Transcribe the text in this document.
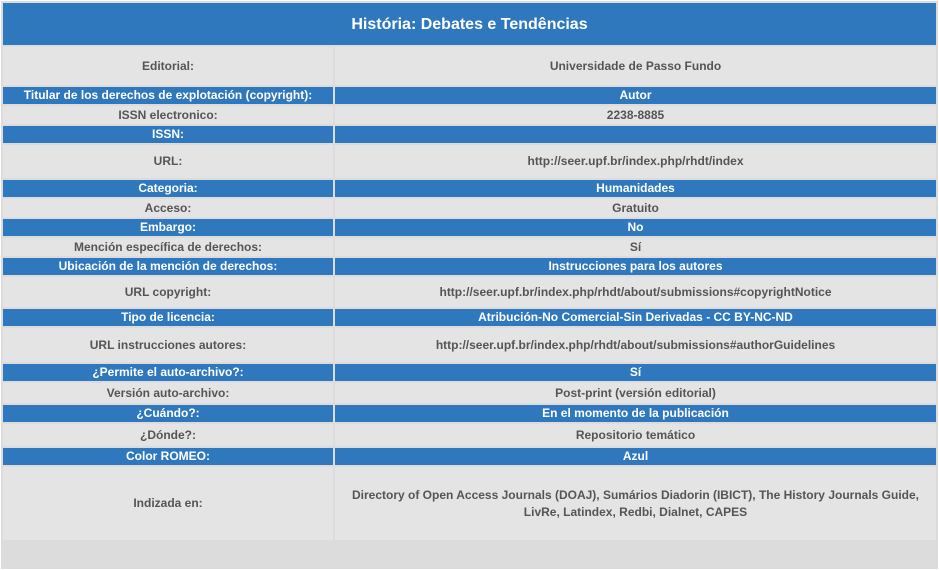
História: Debates e Tendências	
Editorial:	Universidade de Passo Fundo
Titular de los derechos de explotación (copyright):	Autor
ISSN electronico:	2238-8885
ISSN:	
URL:	http://seer.upf.br/index.php/rhdt/index
Categoria:	Humanidades
Acceso:	Gratuito
Embargo:	No
Mención específica de derechos:	Sí
Ubicación de la mención de derechos:	Instrucciones para los autores
URL copyright:	http://seer.upf.br/index.php/rhdt/about/submissions#copyrightNotice
Tipo de licencia:	Atribución-No Comercial-Sin Derivadas - CC BY-NC-ND
URL instrucciones autores:	http://seer.upf.br/index.php/rhdt/about/submissions#authorGuidelines
¿Permite el auto-archivo?:	Sí
Versión auto-archivo:	Post-print (versión editorial)
¿Cuándo?:	En el momento de la publicación
¿Dónde?:	Repositorio temático
Color ROMEO:	Azul
Indizada en:	Directory of Open Access Journals (DOAJ), Sumários Diadorin (IBICT), The History Journals Guide, LivRe, Latindex, Redbi, Dialnet, CAPES
